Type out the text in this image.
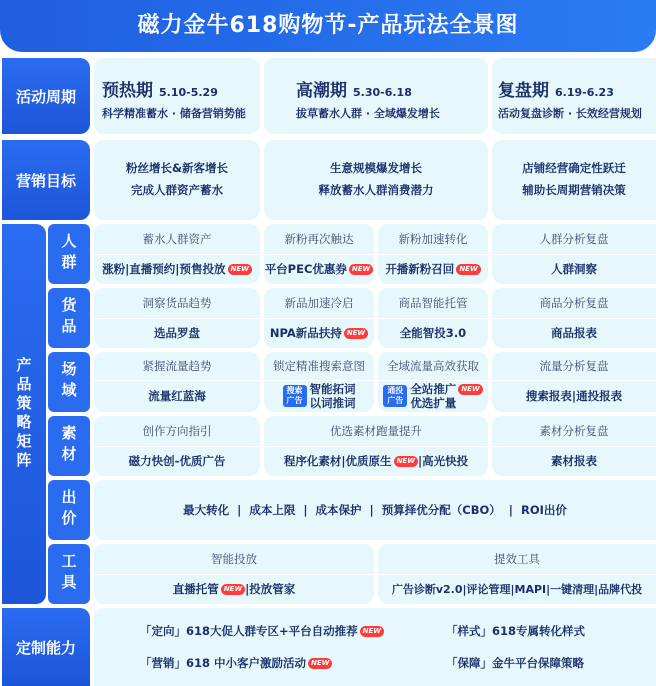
磁力金牛618购物节-产品玩法全景图
活动周期
营销目标
产品策略矩阵
定制能力
人群
货品
场域
素材
出价
工具
预热期 5.10-5.29
科学精准蓄水 · 储备营销势能
高潮期 5.30-6.18
拔草蓄水人群 · 全域爆发增长
复盘期 6.19-6.23
活动复盘诊断 · 长效经营规划
粉丝增长&新客增长
完成人群资产蓄水
生意规模爆发增长
释放蓄水人群消费潜力
店铺经营确定性跃迁
辅助长周期营销决策
蓄水人群资产
涨粉|直播预约|预售投放 NEW
新粉再次触达
平台PEC优惠券 NEW
新粉加速转化
开播新粉召回 NEW
人群分析复盘
人群洞察
洞察货品趋势
选品罗盘
新品加速冷启
NPA新品扶持 NEW
商品智能托管
全能智投3.0
商品分析复盘
商品报表
紧握流量趋势
流量红蓝海
锁定精准搜索意图
搜索广告
智能拓词
以词推词
全域流量高效获取
通投广告
全站推广 NEW
优选扩量
流量分析复盘
搜索报表|通投报表
创作方向指引
磁力快创-优质广告
优选素材跑量提升
程序化素材|优质原生 NEW |高光快投
素材分析复盘
素材报表
最大转化  |  成本上限  |  成本保护  |  预算择优分配（CBO）  |  ROI出价
智能投放
直播托管 NEW |投放管家
提效工具
广告诊断v2.0|评论管理|MAPI|一键清理|品牌代投
「定向」618大促人群专区+平台自动推荐 NEW
「营销」618 中小客户激励活动 NEW
「样式」618专属转化样式
「保障」金牛平台保障策略
